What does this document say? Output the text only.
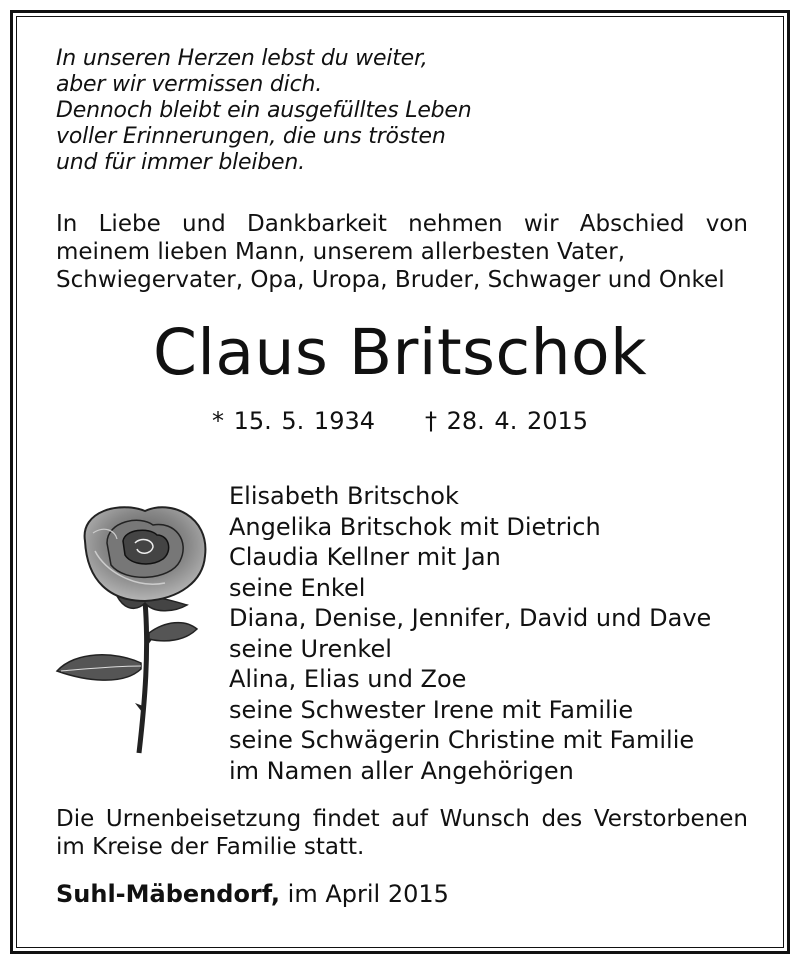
In unseren Herzen lebst du weiter,
aber wir vermissen dich.
Dennoch bleibt ein ausgefülltes Leben
voller Erinnerungen, die uns trösten
und für immer bleiben.
In Liebe und Dankbarkeit nehmen wir Abschied von
meinem lieben Mann, unserem allerbesten Vater,
Schwiegervater, Opa, Uropa, Bruder, Schwager und Onkel
Claus Britschok
* 15. 5. 1934 † 28. 4. 2015
Elisabeth Britschok
Angelika Britschok mit Dietrich
Claudia Kellner mit Jan
seine Enkel
Diana, Denise, Jennifer, David und Dave
seine Urenkel
Alina, Elias und Zoe
seine Schwester Irene mit Familie
seine Schwägerin Christine mit Familie
im Namen aller Angehörigen
Die Urnenbeisetzung findet auf Wunsch des Verstorbenen
im Kreise der Familie statt.
Suhl-Mäbendorf, im April 2015
